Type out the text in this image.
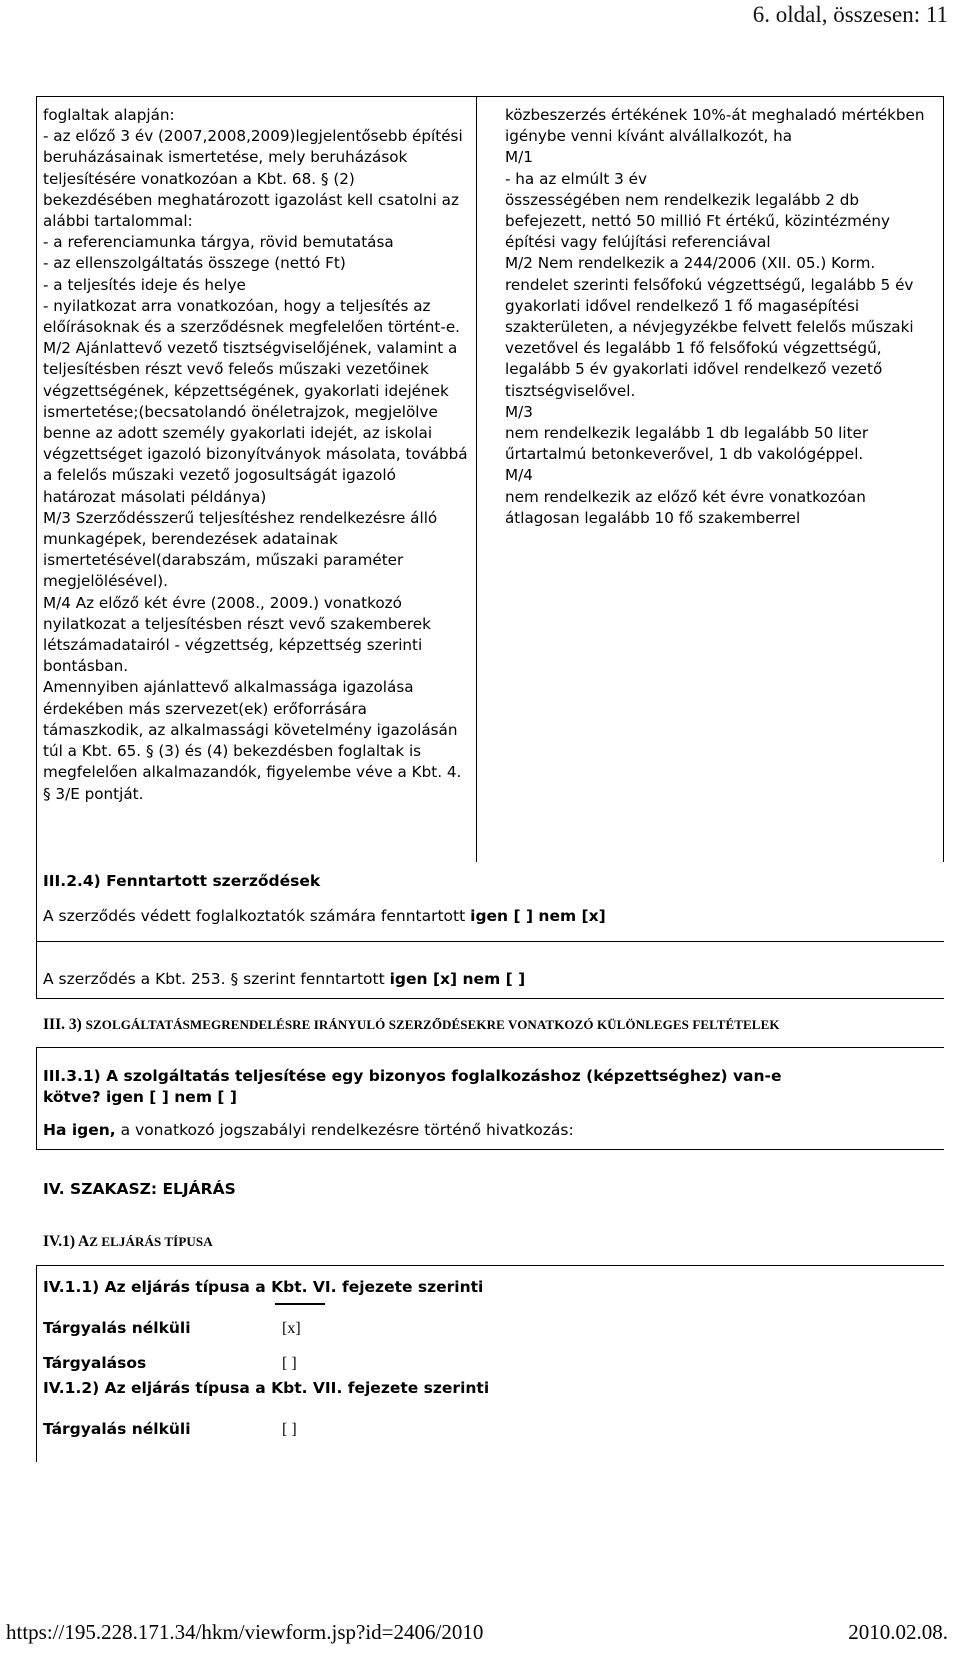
6. oldal, összesen: 11
foglaltak alapján:
- az előző 3 év (2007,2008,2009)legjelentősebb építési
beruházásainak ismertetése, mely beruházások teljesítésére vonatkozóan a Kbt. 68. § (2)
bekezdésében meghatározott igazolást kell csatolni az alábbi tartalommal:
- a referenciamunka tárgya, rövid bemutatása
- az ellenszolgáltatás összege (nettó Ft)
- a teljesítés ideje és helye
- nyilatkozat arra vonatkozóan, hogy a teljesítés az
előírásoknak és a szerződésnek megfelelően történt-e.
M/2 Ajánlattevő vezető tisztségviselőjének, valamint a teljesítésben részt vevő feleős műszaki vezetőinek végzettségének, képzettségének, gyakorlati idejének ismertetése;(becsatolandó önéletrajzok, megjelölve benne az adott személy gyakorlati idejét, az iskolai végzettséget igazoló bizonyítványok másolata, továbbá a felelős műszaki vezető jogosultságát igazoló határozat másolati példánya)
M/3 Szerződésszerű teljesítéshez rendelkezésre álló munkagépek, berendezések adatainak ismertetésével(darabszám, műszaki paraméter megjelölésével).
M/4 Az előző két évre (2008., 2009.) vonatkozó nyilatkozat a teljesítésben részt vevő szakemberek létszámadatairól - végzettség, képzettség szerinti bontásban.
Amennyiben ajánlattevő alkalmassága igazolása érdekében más szervezet(ek) erőforrására támaszkodik, az alkalmassági követelmény igazolásán túl a Kbt. 65. § (3) és (4) bekezdésben foglaltak is megfelelően alkalmazandók, figyelembe véve a Kbt. 4. § 3/E pontját.
közbeszerzés értékének 10%-át meghaladó mértékben igénybe venni kívánt alvállalkozót, ha
M/1
- ha az elmúlt 3 év
összességében nem rendelkezik legalább 2 db befejezett, nettó 50 millió Ft értékű, közintézmény építési vagy felújítási referenciával
M/2 Nem rendelkezik a 244/2006 (XII. 05.) Korm. rendelet szerinti felsőfokú végzettségű, legalább 5 év gyakorlati idővel rendelkező 1 fő magasépítési szakterületen, a névjegyzékbe felvett felelős műszaki vezetővel és legalább 1 fő felsőfokú végzettségű, legalább 5 év gyakorlati idővel rendelkező vezető tisztségviselővel.
M/3
nem rendelkezik legalább 1 db legalább 50 liter űrtartalmú betonkeverővel, 1 db vakológéppel.
M/4
nem rendelkezik az előző két évre vonatkozóan átlagosan legalább 10 fő szakemberrel
III.2.4) Fenntartott szerződések
A szerződés védett foglalkoztatók számára fenntartott igen [ ] nem [x]
A szerződés a Kbt. 253. § szerint fenntartott igen [x] nem [ ]
III. 3) SZOLGÁLTATÁSMEGRENDELÉSRE IRÁNYULÓ SZERZŐDÉSEKRE VONATKOZÓ KÜLÖNLEGES FELTÉTELEK
III.3.1) A szolgáltatás teljesítése egy bizonyos foglalkozáshoz (képzettséghez) van-e
kötve? igen [ ] nem [ ]
Ha igen, a vonatkozó jogszabályi rendelkezésre történő hivatkozás:
IV. SZAKASZ: ELJÁRÁS
IV.1) AZ ELJÁRÁS TÍPUSA
IV.1.1) Az eljárás típusa a Kbt. VI. fejezete szerinti
Tárgyalás nélküli	[x]
Tárgyalásos	[ ]
IV.1.2) Az eljárás típusa a Kbt. VII. fejezete szerinti
Tárgyalás nélküli	[ ]
https://195.228.171.34/hkm/viewform.jsp?id=2406/2010	2010.02.08.
